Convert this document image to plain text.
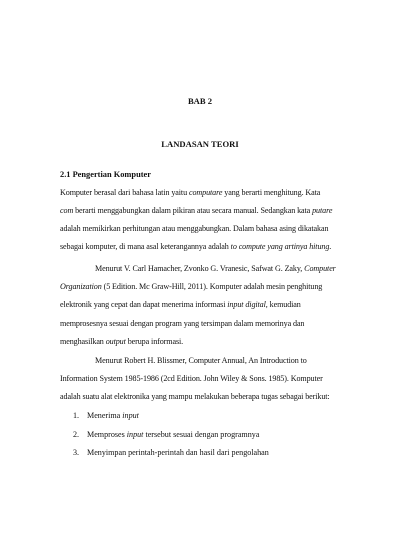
BAB 2
LANDASAN TEORI
2.1 Pengertian Komputer
Komputer berasal dari bahasa latin yaitu computare yang berarti menghitung. Kata
com berarti menggabungkan dalam pikiran atau secara manual. Sedangkan kata putare
adalah memikirkan perhitungan atau menggabungkan. Dalam bahasa asing dikatakan
sebagai komputer, di mana asal keterangannya adalah to compute yang artinya hitung.
Menurut V. Carl Hamacher, Zvonko G. Vranesic, Safwat G. Zaky, Computer
Organization (5 Edition. Mc Graw-Hill, 2011). Komputer adalah mesin penghitung
elektronik yang cepat dan dapat menerima informasi input digital, kemudian
memprosesnya sesuai dengan program yang tersimpan dalam memorinya dan
menghasilkan output berupa informasi.
Menurut Robert H. Blissmer, Computer Annual, An Introduction to
Information System 1985-1986 (2cd Edition. John Wiley & Sons. 1985). Komputer
adalah suatu alat elektronika yang mampu melakukan beberapa tugas sebagai berikut:
1. Menerima input
2. Memproses input tersebut sesuai dengan programnya
3. Menyimpan perintah-perintah dan hasil dari pengolahan
